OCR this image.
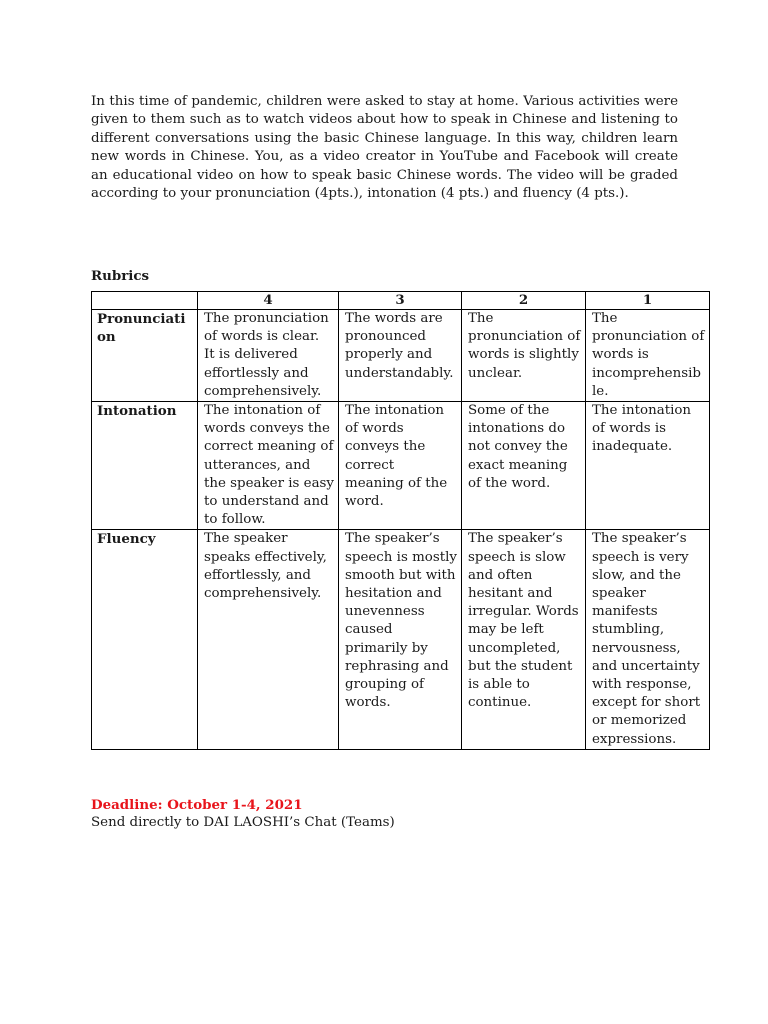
In this time of pandemic, children were asked to stay at home. Various activities were given to them such as to watch videos about how to speak in Chinese and listening to different conversations using the basic Chinese language. In this way, children learn new words in Chinese. You, as a video creator in YouTube and Facebook will create an educational video on how to speak basic Chinese words. The video will be graded according to your pronunciation (4pts.), intonation (4 pts.) and fluency (4 pts.).

Rubrics

	4	3	2	1
Pronunciation	The pronunciation of words is clear. It is delivered effortlessly and comprehensively.	The words are pronounced properly and understandably.	The pronunciation of words is slightly unclear.	The pronunciation of words is incomprehensible.
Intonation	The intonation of words conveys the correct meaning of utterances, and the speaker is easy to understand and to follow.	The intonation of words conveys the correct meaning of the word.	Some of the intonations do not convey the exact meaning of the word.	The intonation of words is inadequate.
Fluency	The speaker speaks effectively, effortlessly, and comprehensively.	The speaker’s speech is mostly smooth but with hesitation and unevenness caused primarily by rephrasing and grouping of words.	The speaker’s speech is slow and often hesitant and irregular. Words may be left uncompleted, but the student is able to continue.	The speaker’s speech is very slow, and the speaker manifests stumbling, nervousness, and uncertainty with response, except for short or memorized expressions.

Deadline: October 1-4, 2021

Send directly to DAI LAOSHI’s Chat (Teams)
